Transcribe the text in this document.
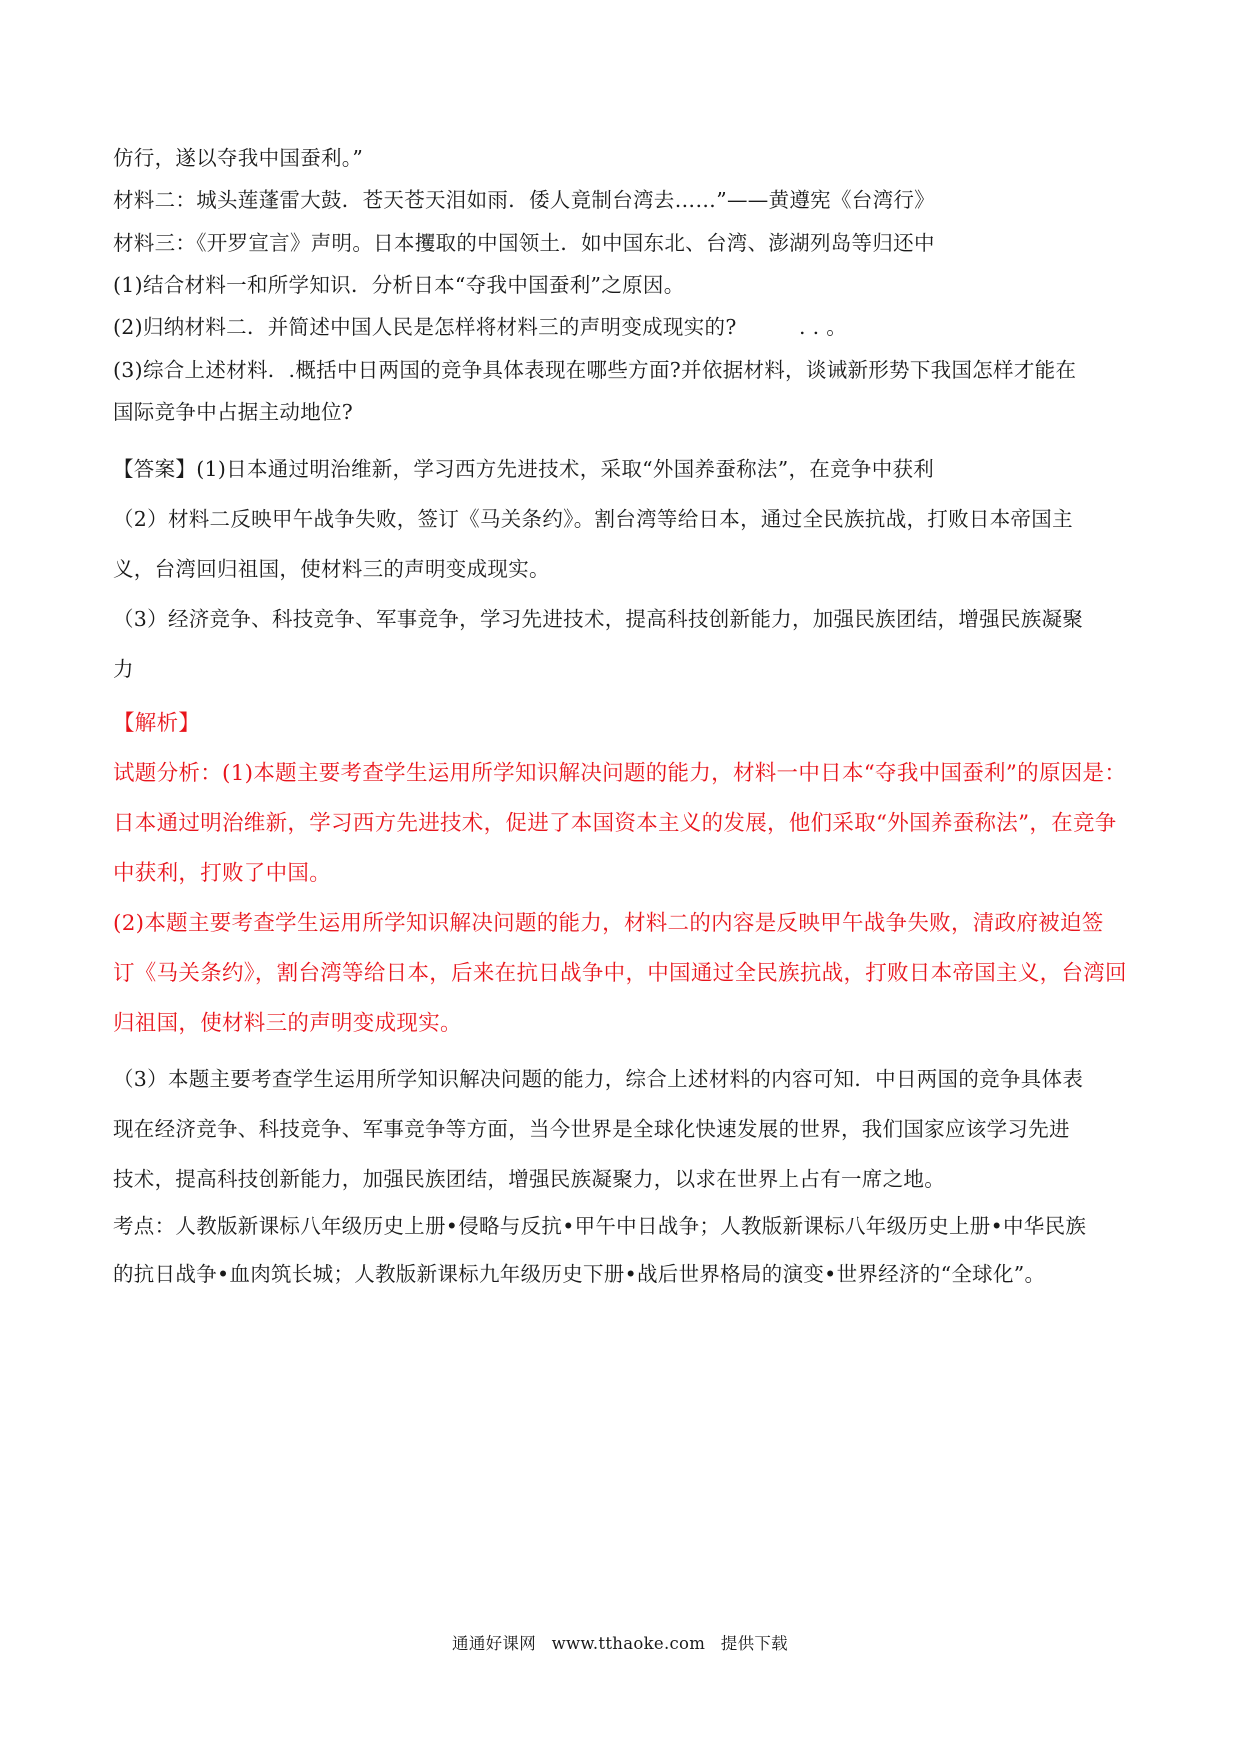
仿行，遂以夺我中国蚕利。”
材料二：城头莲蓬雷大鼓．苍天苍天泪如雨．倭人竟制台湾去……”——黄遵宪《台湾行》
材料三：《开罗宣言》声明。日本攫取的中国领土．如中国东北、台湾、澎湖列岛等归还中
(1)结合材料一和所学知识．分析日本“夺我中国蚕利”之原因。
(2)归纳材料二．并简述中国人民是怎样将材料三的声明变成现实的?　　　. . 。
(3)综合上述材料．.概括中日两国的竞争具体表现在哪些方面?并依据材料，谈诫新形势下我国怎样才能在
国际竞争中占据主动地位?
【答案】(1)日本通过明治维新，学习西方先进技术，采取“外国养蚕称法”，在竞争中获利
（2）材料二反映甲午战争失败，签订《马关条约》。割台湾等给日本，通过全民族抗战，打败日本帝国主
义，台湾回归祖国，使材料三的声明变成现实。
（3）经济竞争、科技竞争、军事竞争，学习先进技术，提高科技创新能力，加强民族团结，增强民族凝聚
力
【解析】
试题分析：(1)本题主要考查学生运用所学知识解决问题的能力，材料一中日本“夺我中国蚕利”的原因是：
日本通过明治维新，学习西方先进技术，促进了本国资本主义的发展，他们采取“外国养蚕称法”，在竞争
中获利，打败了中国。
(2)本题主要考查学生运用所学知识解决问题的能力，材料二的内容是反映甲午战争失败，清政府被迫签
订《马关条约》，割台湾等给日本，后来在抗日战争中，中国通过全民族抗战，打败日本帝国主义，台湾回
归祖国，使材料三的声明变成现实。
（3）本题主要考查学生运用所学知识解决问题的能力，综合上述材料的内容可知．中日两国的竞争具体表
现在经济竞争、科技竞争、军事竞争等方面，当今世界是全球化快速发展的世界，我们国家应该学习先进
技术，提高科技创新能力，加强民族团结，增强民族凝聚力，以求在世界上占有一席之地。
考点：人教版新课标八年级历史上册•侵略与反抗•甲午中日战争；人教版新课标八年级历史上册•中华民族
的抗日战争•血肉筑长城；人教版新课标九年级历史下册•战后世界格局的演变•世界经济的“全球化”。
通通好课网 www.tthaoke.com 提供下载
